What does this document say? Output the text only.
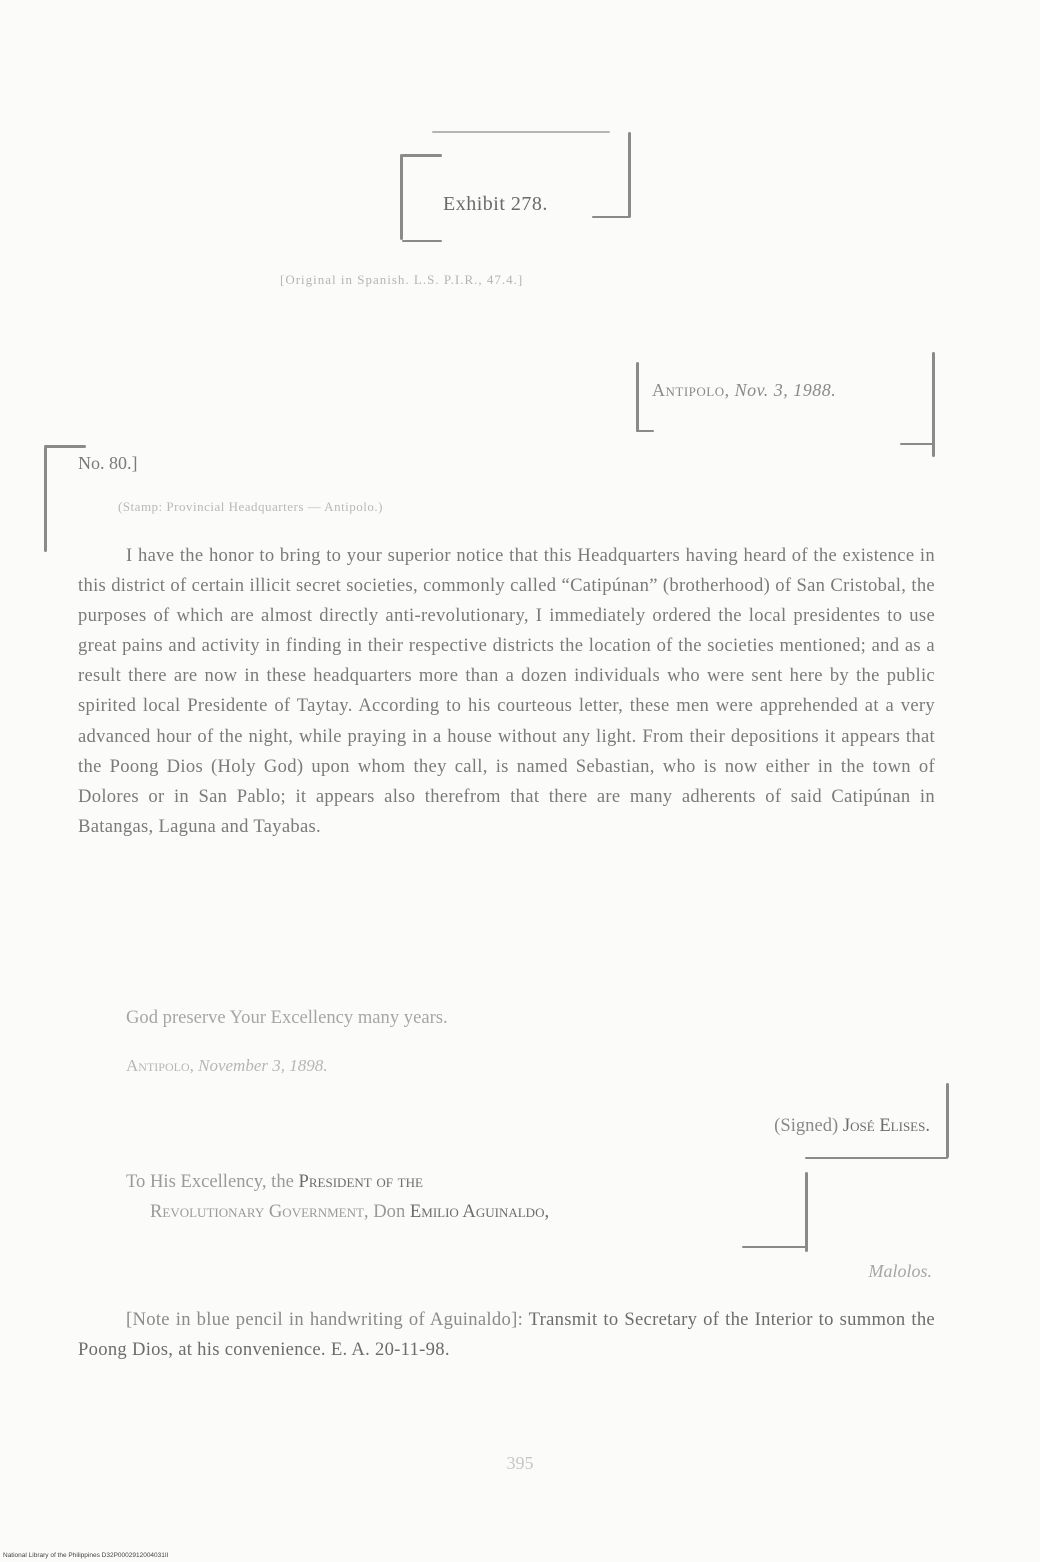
Exhibit 278.
[Original in Spanish. L.S. P.I.R., 47.4.]
Antipolo, Nov. 3, 1988.
No. 80.]
(Stamp: Provincial Headquarters — Antipolo.)
I have the honor to bring to your superior notice that this Headquarters having heard of the existence in this district of certain illicit secret societies, commonly called “Catipúnan” (brotherhood) of San Cristobal, the purposes of which are almost directly anti-revolutionary, I immediately ordered the local presidentes to use great pains and activity in finding in their respective districts the location of the societies mentioned; and as a result there are now in these headquarters more than a dozen individuals who were sent here by the public spirited local Presidente of Taytay. According to his courteous letter, these men were apprehended at a very advanced hour of the night, while praying in a house without any light. From their depositions it appears that the Poong Dios (Holy God) upon whom they call, is named Sebastian, who is now either in the town of Dolores or in San Pablo; it appears also therefrom that there are many adherents of said Catipúnan in Batangas, Laguna and Tayabas.
God preserve Your Excellency many years.
Antipolo, November 3, 1898.
(Signed) José Elises.
To His Excellency, the President of the
Revolutionary Government, Don Emilio Aguinaldo,
Malolos.
[Note in blue pencil in handwriting of Aguinaldo]: Transmit to Secretary of the Interior to summon the Poong Dios, at his convenience. E. A. 20-11-98.
395
National Library of the Philippines D32P0002912004031II
